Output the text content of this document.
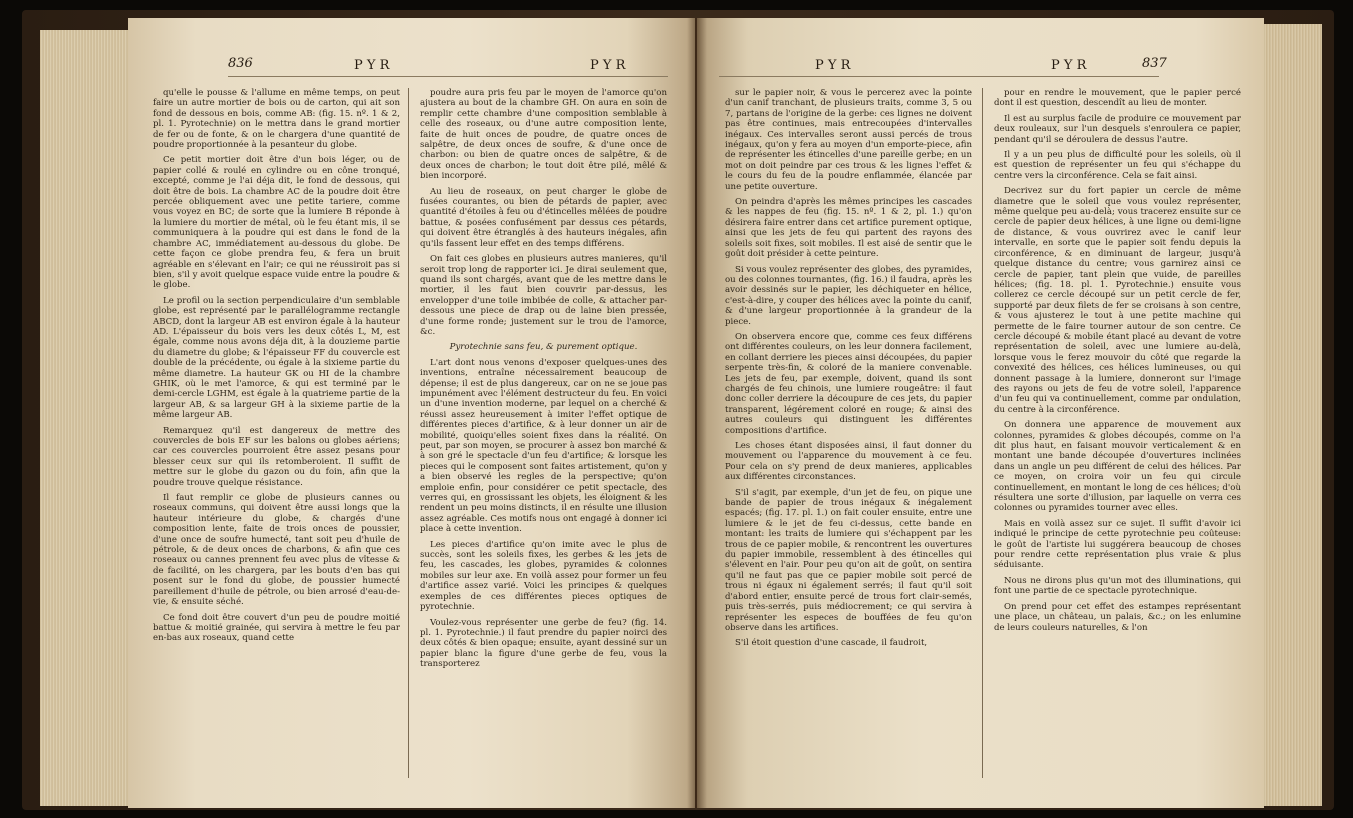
836	P Y R	P Y R

qu'elle le pousse & l'allume en même temps, on peut faire un autre mortier de bois ou de carton, qui ait son fond de dessous en bois, comme AB: (fig. 15. nº. 1 & 2, pl. 1. Pyrotechnie) on le mettra dans le grand mortier de fer ou de fonte, & on le chargera d'une quantité de poudre proportionnée à la pesanteur du globe.

Ce petit mortier doit être d'un bois léger, ou de papier collé & roulé en cylindre ou en cône tronqué, excepté, comme je l'ai déja dit, le fond de dessous, qui doit être de bois. La chambre AC de la poudre doit être percée obliquement avec une petite tariere, comme vous voyez en BC; de sorte que la lumiere B réponde à la lumiere du mortier de métal, où le feu étant mis, il se communiquera à la poudre qui est dans le fond de la chambre AC, immédiatement au-dessous du globe. De cette façon ce globe prendra feu, & fera un bruit agréable en s'élevant en l'air; ce qui ne réussiroit pas si bien, s'il y avoit quelque espace vuide entre la poudre & le globe.

Le profil ou la section perpendiculaire d'un semblable globe, est représenté par le parallélogramme rectangle ABCD, dont la largeur AB est environ égale à la hauteur AD. L'épaisseur du bois vers les deux côtés L, M, est égale, comme nous avons déja dit, à la douzieme partie du diametre du globe; & l'épaisseur FF du couvercle est double de la précédente, ou égale à la sixieme partie du même diametre. La hauteur GK ou HI de la chambre GHIK, où le met l'amorce, & qui est terminé par le demi-cercle LGHM, est égale à la quatrieme partie de la largeur AB, & sa largeur GH à la sixieme partie de la même largeur AB.

Remarquez qu'il est dangereux de mettre des couvercles de bois EF sur les balons ou globes aériens; car ces couvercles pourroient être assez pesans pour blesser ceux sur qui ils retomberoient. Il suffit de mettre sur le globe du gazon ou du foin, afin que la poudre trouve quelque résistance.

Il faut remplir ce globe de plusieurs cannes ou roseaux communs, qui doivent être aussi longs que la hauteur intérieure du globe, & chargés d'une composition lente, faite de trois onces de poussier, d'une once de soufre humecté, tant soit peu d'huile de pétrole, & de deux onces de charbons, & afin que ces roseaux ou cannes prennent feu avec plus de vîtesse & de facilité, on les chargera, par les bouts d'en bas qui posent sur le fond du globe, de poussier humecté pareillement d'huile de pétrole, ou bien arrosé d'eau-de-vie, & ensuite séché.

Ce fond doit être couvert d'un peu de poudre moitié battue & moitié grainée, qui servira à mettre le feu par en-bas aux roseaux, quand cette

poudre aura pris feu par le moyen de l'amorce qu'on ajustera au bout de la chambre GH. On aura en soin de remplir cette chambre d'une composition semblable à celle des roseaux, ou d'une autre composition lente, faite de huit onces de poudre, de quatre onces de salpêtre, de deux onces de soufre, & d'une once de charbon: ou bien de quatre onces de salpêtre, & de deux onces de charbon; le tout doit être pilé, mêlé & bien incorporé.

Au lieu de roseaux, on peut charger le globe de fusées courantes, ou bien de pétards de papier, avec quantité d'étoiles à feu ou d'étincelles mêlées de poudre battue, & posées confusément par dessus ces pétards, qui doivent être étranglés à des hauteurs inégales, afin qu'ils fassent leur effet en des temps différens.

On fait ces globes en plusieurs autres manieres, qu'il seroit trop long de rapporter ici. Je dirai seulement que, quand ils sont chargés, avant que de les mettre dans le mortier, il les faut bien couvrir par-dessus, les envelopper d'une toile imbibée de colle, & attacher par-dessous une piece de drap ou de laine bien pressée, d'une forme ronde; justement sur le trou de l'amorce, &c.

Pyrotechnie sans feu, & purement optique.

L'art dont nous venons d'exposer quelques-unes des inventions, entraîne nécessairement beaucoup de dépense; il est de plus dangereux, car on ne se joue pas impunément avec l'élément destructeur du feu. En voici un d'une invention moderne, par lequel on a cherché & réussi assez heureusement à imiter l'effet optique de différentes pieces d'artifice, & à leur donner un air de mobilité, quoiqu'elles soient fixes dans la réalité. On peut, par son moyen, se procurer à assez bon marché & à son gré le spectacle d'un feu d'artifice; & lorsque les pieces qui le composent sont faites artistement, qu'on y a bien observé les regles de la perspective; qu'on emploie enfin, pour considérer ce petit spectacle, des verres qui, en grossissant les objets, les éloignent & les rendent un peu moins distincts, il en résulte une illusion assez agréable. Ces motifs nous ont engagé à donner ici place à cette invention.

Les pieces d'artifice qu'on imite avec le plus de succès, sont les soleils fixes, les gerbes & les jets de feu, les cascades, les globes, pyramides & colonnes mobiles sur leur axe. En voilà assez pour former un feu d'artifice assez varié. Voici les principes & quelques exemples de ces différentes pieces optiques de pyrotechnie.

Voulez-vous représenter une gerbe de feu? (fig. 14. pl. 1. Pyrotechnie.) il faut prendre du papier noirci des deux côtés & bien opaque; ensuite, ayant dessiné sur un papier blanc la figure d'une gerbe de feu, vous la transporterez

P Y R	P Y R	837

sur le papier noir, & vous le percerez avec la pointe d'un canif tranchant, de plusieurs traits, comme 3, 5 ou 7, partans de l'origine de la gerbe: ces lignes ne doivent pas être continues, mais entrecoupées d'intervalles inégaux. Ces intervalles seront aussi percés de trous inégaux, qu'on y fera au moyen d'un emporte-piece, afin de représenter les étincelles d'une pareille gerbe; en un mot on doit peindre par ces trous & les lignes l'effet & le cours du feu de la poudre enflammée, élancée par une petite ouverture.

On peindra d'après les mêmes principes les cascades & les nappes de feu (fig. 15. nº. 1 & 2, pl. 1.) qu'on désirera faire entrer dans cet artifice purement optique, ainsi que les jets de feu qui partent des rayons des soleils soit fixes, soit mobiles. Il est aisé de sentir que le goût doit présider à cette peinture.

Si vous voulez représenter des globes, des pyramides, ou des colonnes tournantes, (fig. 16.) il faudra, après les avoir dessinés sur le papier, les déchiqueter en hélice, c'est-à-dire, y couper des hélices avec la pointe du canif, & d'une largeur proportionnée à la grandeur de la piece.

On observera encore que, comme ces feux différens ont différentes couleurs, on les leur donnera facilement, en collant derriere les pieces ainsi découpées, du papier serpente très-fin, & coloré de la maniere convenable. Les jets de feu, par exemple, doivent, quand ils sont chargés de feu chinois, une lumiere rougeâtre: il faut donc coller derriere la découpure de ces jets, du papier transparent, légérement coloré en rouge; & ainsi des autres couleurs qui distinguent les différentes compositions d'artifice.

Les choses étant disposées ainsi, il faut donner du mouvement ou l'apparence du mouvement à ce feu. Pour cela on s'y prend de deux manieres, applicables aux différentes circonstances.

S'il s'agit, par exemple, d'un jet de feu, on pique une bande de papier de trous inégaux & inégalement espacés; (fig. 17. pl. 1.) on fait couler ensuite, entre une lumiere & le jet de feu ci-dessus, cette bande en montant: les traits de lumiere qui s'échappent par les trous de ce papier mobile, & rencontrent les ouvertures du papier immobile, ressemblent à des étincelles qui s'élevent en l'air. Pour peu qu'on ait de goût, on sentira qu'il ne faut pas que ce papier mobile soit percé de trous ni égaux ni également serrés; il faut qu'il soit d'abord entier, ensuite percé de trous fort clair-semés, puis très-serrés, puis médiocrement; ce qui servira à représenter les especes de bouffées de feu qu'on observe dans les artifices.

S'il étoit question d'une cascade, il faudroit,

pour en rendre le mouvement, que le papier percé dont il est question, descendît au lieu de monter.

Il est au surplus facile de produire ce mouvement par deux rouleaux, sur l'un desquels s'enroulera ce papier, pendant qu'il se déroulera de dessus l'autre.

Il y a un peu plus de difficulté pour les soleils, où il est question de représenter un feu qui s'échappe du centre vers la circonférence. Cela se fait ainsi.

Decrivez sur du fort papier un cercle de même diametre que le soleil que vous voulez représenter, même quelque peu au-delà; vous tracerez ensuite sur ce cercle de papier deux hélices, à une ligne ou demi-ligne de distance, & vous ouvrirez avec le canif leur intervalle, en sorte que le papier soit fendu depuis la circonférence, & en diminuant de largeur, jusqu'à quelque distance du centre; vous garnirez ainsi ce cercle de papier, tant plein que vuide, de pareilles hélices; (fig. 18. pl. 1. Pyrotechnie.) ensuite vous collerez ce cercle découpé sur un petit cercle de fer, supporté par deux filets de fer se croisans à son centre, & vous ajusterez le tout à une petite machine qui permette de le faire tourner autour de son centre. Ce cercle découpé & mobile étant placé au devant de votre représentation de soleil, avec une lumiere au-delà, lorsque vous le ferez mouvoir du côté que regarde la convexité des hélices, ces hélices lumineuses, ou qui donnent passage à la lumiere, donneront sur l'image des rayons ou jets de feu de votre soleil, l'apparence d'un feu qui va continuellement, comme par ondulation, du centre à la circonférence.

On donnera une apparence de mouvement aux colonnes, pyramides & globes découpés, comme on l'a dit plus haut, en faisant mouvoir verticalement & en montant une bande découpée d'ouvertures inclinées dans un angle un peu différent de celui des hélices. Par ce moyen, on croira voir un feu qui circule continuellement, en montant le long de ces hélices; d'où résultera une sorte d'illusion, par laquelle on verra ces colonnes ou pyramides tourner avec elles.

Mais en voilà assez sur ce sujet. Il suffit d'avoir ici indiqué le principe de cette pyrotechnie peu coûteuse: le goût de l'artiste lui suggérera beaucoup de choses pour rendre cette représentation plus vraie & plus séduisante.

Nous ne dirons plus qu'un mot des illuminations, qui font une partie de ce spectacle pyrotechnique.

On prend pour cet effet des estampes représentant une place, un château, un palais, &c.; on les enlumine de leurs couleurs naturelles, & l'on
